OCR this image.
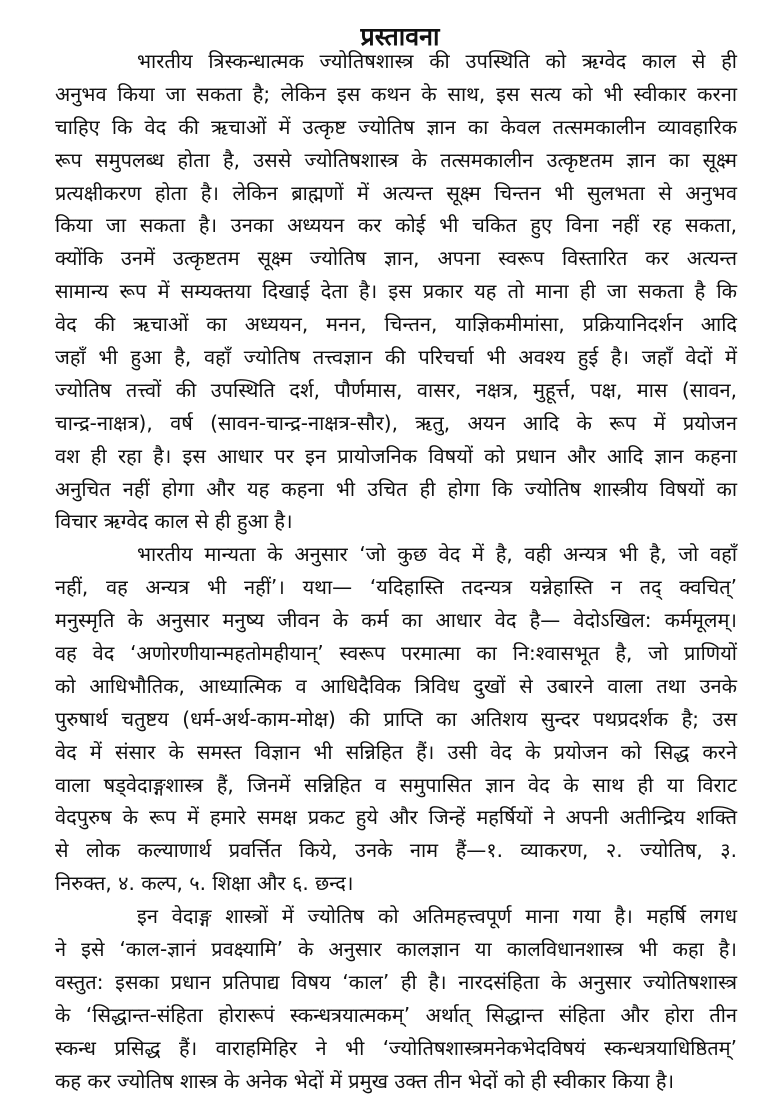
प्रस्तावना
भारतीय त्रिस्कन्धात्मक ज्योतिषशास्त्र की उपस्थिति को ऋग्वेद काल से ही
अनुभव किया जा सकता है; लेकिन इस कथन के साथ, इस सत्य को भी स्वीकार करना
चाहिए कि वेद की ऋचाओं में उत्कृष्ट ज्योतिष ज्ञान का केवल तत्समकालीन व्यावहारिक
रूप समुपलब्ध होता है, उससे ज्योतिषशास्त्र के तत्समकालीन उत्कृष्टतम ज्ञान का सूक्ष्म
प्रत्यक्षीकरण होता है। लेकिन ब्राह्मणों में अत्यन्त सूक्ष्म चिन्तन भी सुलभता से अनुभव
किया जा सकता है। उनका अध्ययन कर कोई भी चकित हुए विना नहीं रह सकता,
क्योंकि उनमें उत्कृष्टतम सूक्ष्म ज्योतिष ज्ञान, अपना स्वरूप विस्तारित कर अत्यन्त
सामान्य रूप में सम्यक्तया दिखाई देता है। इस प्रकार यह तो माना ही जा सकता है कि
वेद की ऋचाओं का अध्ययन, मनन, चिन्तन, याज्ञिकमीमांसा, प्रक्रियानिदर्शन आदि
जहाँ भी हुआ है, वहाँ ज्योतिष तत्त्वज्ञान की परिचर्चा भी अवश्य हुई है। जहाँ वेदों में
ज्योतिष तत्त्वों की उपस्थिति दर्श, पौर्णमास, वासर, नक्षत्र, मुहूर्त्त, पक्ष, मास (सावन,
चान्द्र-नाक्षत्र), वर्ष (सावन-चान्द्र-नाक्षत्र-सौर), ऋतु, अयन आदि के रूप में प्रयोजन
वश ही रहा है। इस आधार पर इन प्रायोजनिक विषयों को प्रधान और आदि ज्ञान कहना
अनुचित नहीं होगा और यह कहना भी उचित ही होगा कि ज्योतिष शास्त्रीय विषयों का
विचार ऋग्वेद काल से ही हुआ है।
भारतीय मान्यता के अनुसार ‘जो कुछ वेद में है, वही अन्यत्र भी है, जो वहाँ
नहीं, वह अन्यत्र भी नहीं’। यथा— ‘यदिहास्ति तदन्यत्र यन्नेहास्ति न तद् क्वचित्’
मनुस्मृति के अनुसार मनुष्य जीवन के कर्म का आधार वेद है— वेदोऽखिल: कर्ममूलम्।
वह वेद ‘अणोरणीयान्महतोमहीयान्’ स्वरूप परमात्मा का नि:श्वासभूत है, जो प्राणियों
को आधिभौतिक, आध्यात्मिक व आधिदैविक त्रिविध दुखों से उबारने वाला तथा उनके
पुरुषार्थ चतुष्टय (धर्म-अर्थ-काम-मोक्ष) की प्राप्ति का अतिशय सुन्दर पथप्रदर्शक है; उस
वेद में संसार के समस्त विज्ञान भी सन्निहित हैं। उसी वेद के प्रयोजन को सिद्ध करने
वाला षड्वेदाङ्गशास्त्र हैं, जिनमें सन्निहित व समुपासित ज्ञान वेद के साथ ही या विराट
वेदपुरुष के रूप में हमारे समक्ष प्रकट हुये और जिन्हें महर्षियों ने अपनी अतीन्द्रिय शक्ति
से लोक कल्याणार्थ प्रवर्त्तित किये, उनके नाम हैं—१. व्याकरण, २. ज्योतिष, ३.
निरुक्त, ४. कल्प, ५. शिक्षा और ६. छन्द।
इन वेदाङ्ग शास्त्रों में ज्योतिष को अतिमहत्त्वपूर्ण माना गया है। महर्षि लगध
ने इसे ‘काल-ज्ञानं प्रवक्ष्यामि’ के अनुसार कालज्ञान या कालविधानशास्त्र भी कहा है।
वस्तुत: इसका प्रधान प्रतिपाद्य विषय ‘काल’ ही है। नारदसंहिता के अनुसार ज्योतिषशास्त्र
के ‘सिद्धान्त-संहिता होरारूपं स्कन्धत्रयात्मकम्’ अर्थात् सिद्धान्त संहिता और होरा तीन
स्कन्ध प्रसिद्ध हैं। वाराहमिहिर ने भी ‘ज्योतिषशास्त्रमनेकभेदविषयं स्कन्धत्रयाधिष्ठितम्’
कह कर ज्योतिष शास्त्र के अनेक भेदों में प्रमुख उक्त तीन भेदों को ही स्वीकार किया है।
